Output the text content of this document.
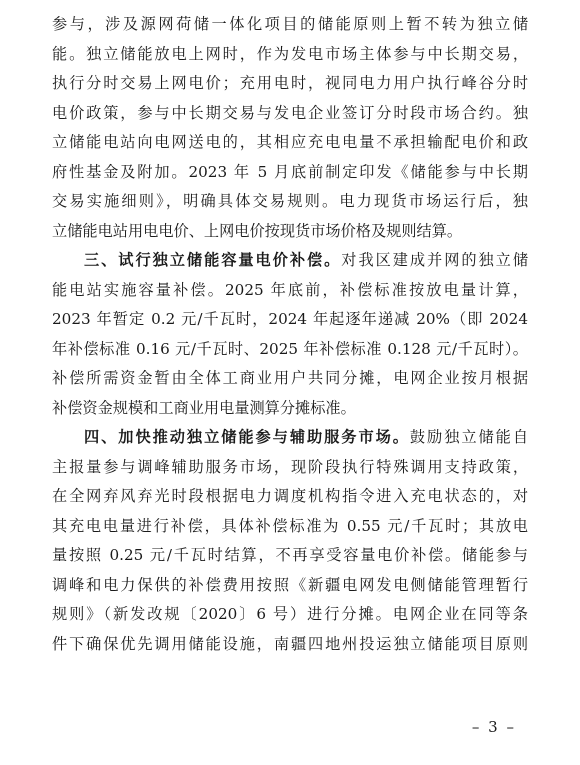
参与，涉及源网荷储一体化项目的储能原则上暂不转为独立储
能。独立储能放电上网时，作为发电市场主体参与中长期交易，
执行分时交易上网电价；充用电时，视同电力用户执行峰谷分时
电价政策，参与中长期交易与发电企业签订分时段市场合约。独
立储能电站向电网送电的，其相应充电电量不承担输配电价和政
府性基金及附加。2023 年 5 月底前制定印发《储能参与中长期
交易实施细则》，明确具体交易规则。电力现货市场运行后，独
立储能电站用电电价、上网电价按现货市场价格及规则结算。
三、试行独立储能容量电价补偿。对我区建成并网的独立储
能电站实施容量补偿。2025 年底前，补偿标准按放电量计算，
2023 年暂定 0.2 元/千瓦时，2024 年起逐年递减 20%（即 2024
年补偿标准 0.16 元/千瓦时、2025 年补偿标准 0.128 元/千瓦时）。
补偿所需资金暂由全体工商业用户共同分摊，电网企业按月根据
补偿资金规模和工商业用电量测算分摊标准。
四、加快推动独立储能参与辅助服务市场。鼓励独立储能自
主报量参与调峰辅助服务市场，现阶段执行特殊调用支持政策，
在全网弃风弃光时段根据电力调度机构指令进入充电状态的，对
其充电电量进行补偿，具体补偿标准为 0.55 元/千瓦时；其放电
量按照 0.25 元/千瓦时结算，不再享受容量电价补偿。储能参与
调峰和电力保供的补偿费用按照《新疆电网发电侧储能管理暂行
规则》（新发改规〔2020〕6 号）进行分摊。电网企业在同等条
件下确保优先调用储能设施，南疆四地州投运独立储能项目原则
– 3 –
